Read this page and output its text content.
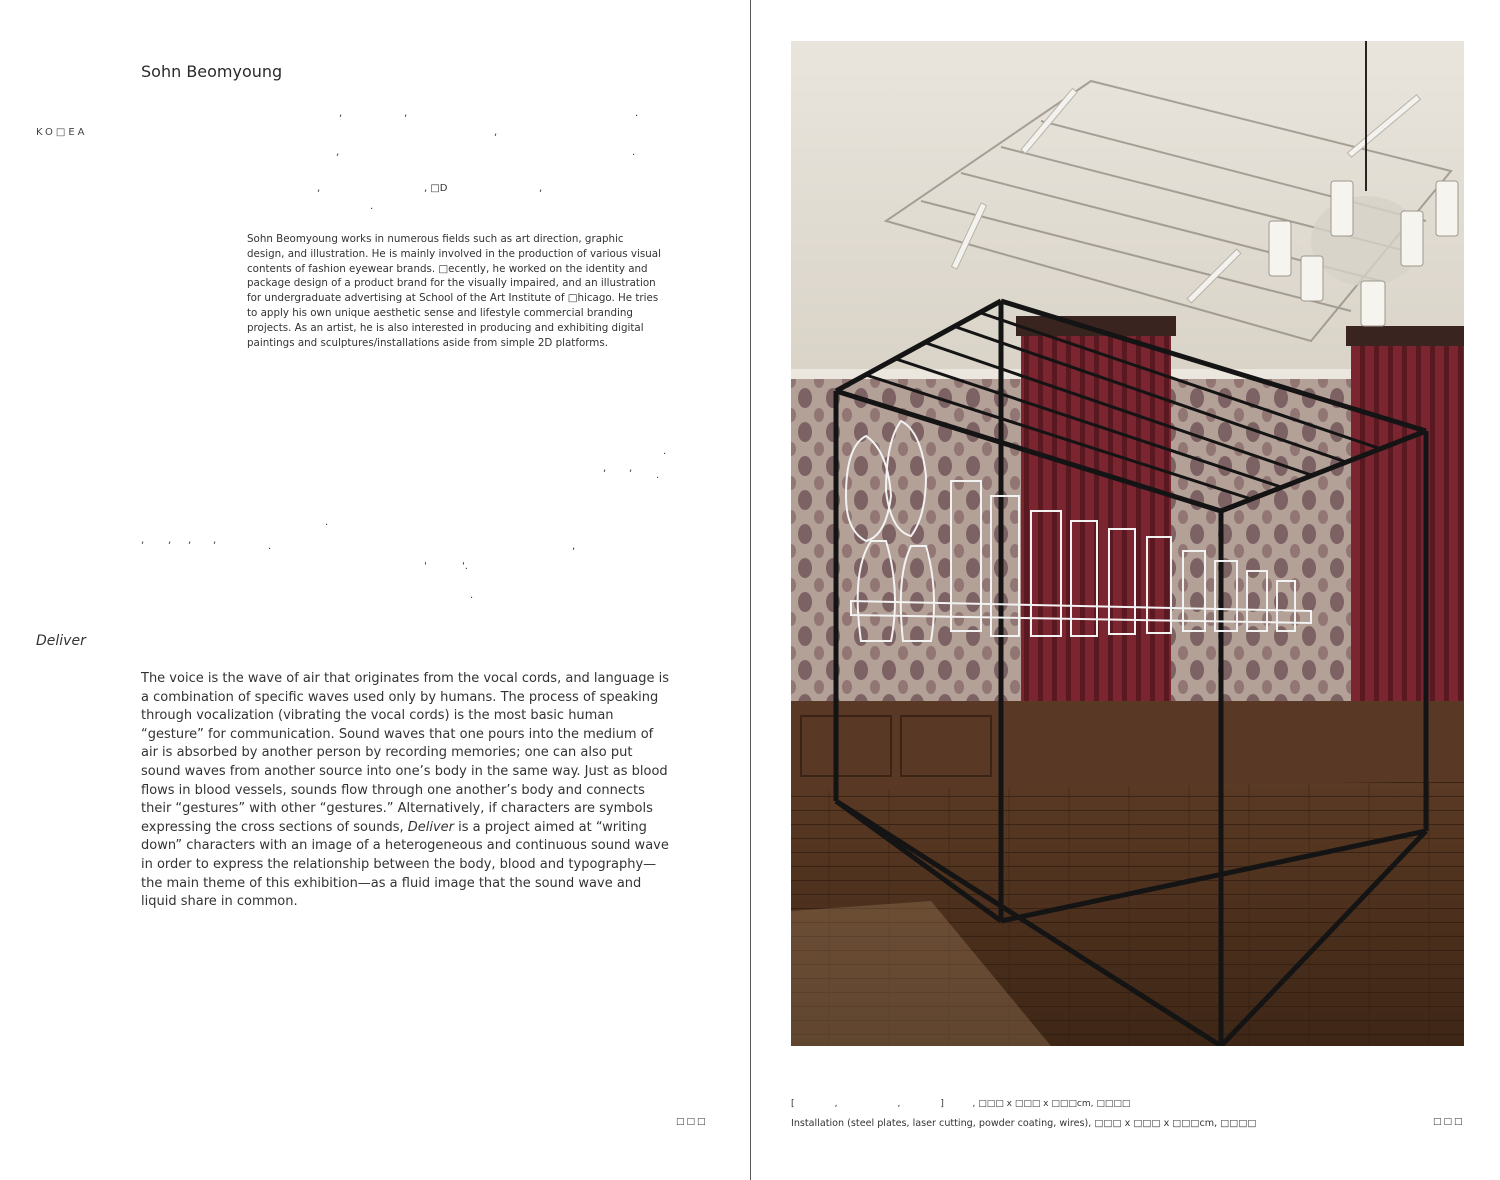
Sohn Beomyoung
KO□EA
,	,	.
,
,	.
,	, □D	,
.
.
, ,
.
.
, , , ,
.	,
'	'.
.
Sohn Beomyoung works in numerous fields such as art direction, graphic design, and illustration. He is mainly involved in the production of various visual contents of fashion eyewear brands. □ecently, he worked on the identity and package design of a product brand for the visually impaired, and an illustration for undergraduate advertising at School of the Art Institute of □hicago. He tries to apply his own unique aesthetic sense and lifestyle commercial branding projects. As an artist, he is also interested in producing and exhibiting digital paintings and sculptures/installations aside from simple 2D platforms.
Deliver
The voice is the wave of air that originates from the vocal cords, and language is a combination of specific waves used only by humans. The process of speaking through vocalization (vibrating the vocal cords) is the most basic human “gesture” for communication. Sound waves that one pours into the medium of air is absorbed by another person by recording memories; one can also put sound waves from another source into one’s body in the same way. Just as blood flows in blood vessels, sounds flow through one another’s body and connects their “gestures” with other “gestures.” Alternatively, if characters are symbols expressing the cross sections of sounds, Deliver is a project aimed at “writing down” characters with an image of a heterogeneous and continuous sound wave in order to express the relationship between the body, blood and typography—the main theme of this exhibition—as a fluid image that the sound wave and liquid share in common.
□□□
[              ,                     ,              ]          , □□□ x □□□ x □□□cm, □□□□
Installation (steel plates, laser cutting, powder coating, wires), □□□ x □□□ x □□□cm, □□□□	□□□
